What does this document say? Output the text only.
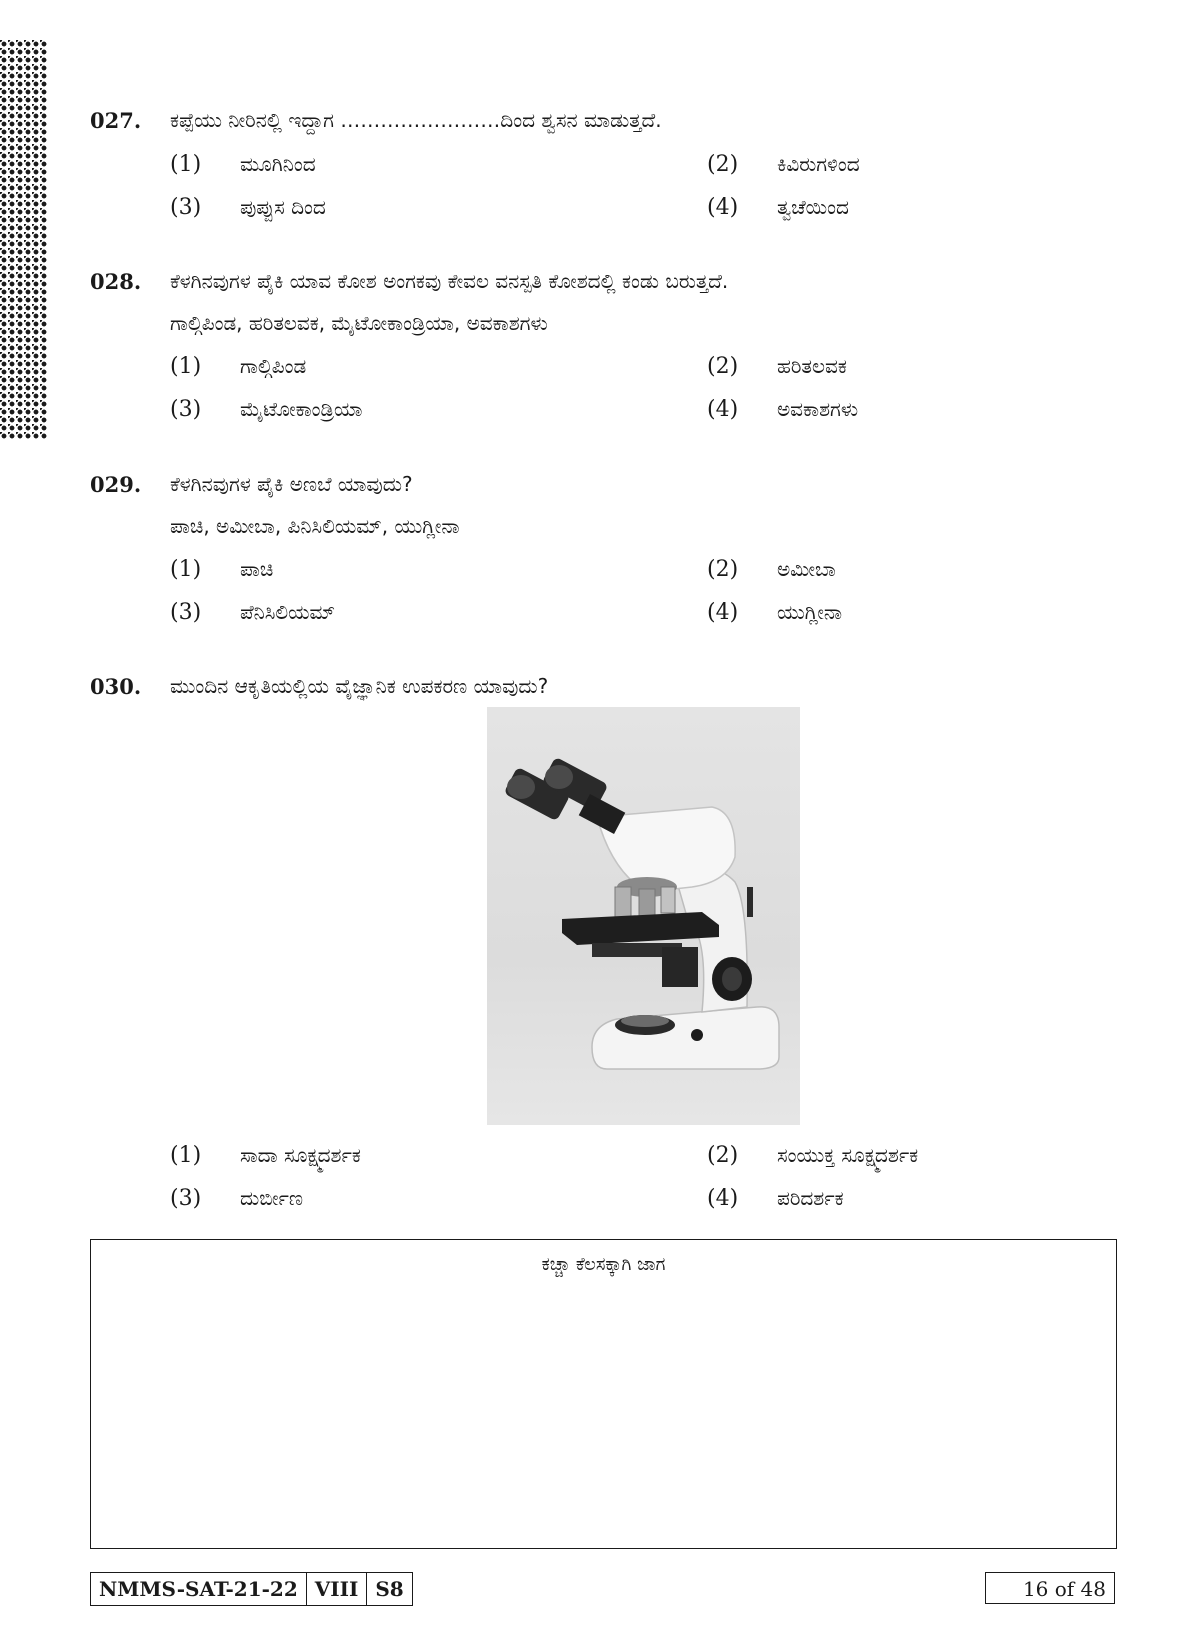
027. ಕಪ್ಪೆಯು ನೀರಿನಲ್ಲಿ ಇದ್ದಾಗ ……………………ದಿಂದ ಶ್ವಸನ ಮಾಡುತ್ತದೆ.
(1) ಮೂಗಿನಿಂದ	(2) ಕಿವಿರುಗಳಿಂದ
(3) ಪುಪ್ಪುಸ ದಿಂದ	(4) ತ್ವಚೆಯಿಂದ
028. ಕೆಳಗಿನವುಗಳ ಪೈಕಿ ಯಾವ ಕೋಶ ಅಂಗಕವು ಕೇವಲ ವನಸ್ಪತಿ ಕೋಶದಲ್ಲಿ ಕಂಡು ಬರುತ್ತದೆ.
ಗಾಲ್ಗಿಪಿಂಡ, ಹರಿತಲವಕ, ಮೈಟೋಕಾಂಡ್ರಿಯಾ, ಅವಕಾಶಗಳು
(1) ಗಾಲ್ಗಿಪಿಂಡ	(2) ಹರಿತಲವಕ
(3) ಮೈಟೋಕಾಂಡ್ರಿಯಾ	(4) ಅವಕಾಶಗಳು
029. ಕೆಳಗಿನವುಗಳ ಪೈಕಿ ಅಣಬೆ ಯಾವುದು?
ಪಾಚಿ, ಅಮೀಬಾ, ಪಿನಿಸಿಲಿಯಮ್, ಯುಗ್ಲೀನಾ
(1) ಪಾಚಿ	(2) ಅಮೀಬಾ
(3) ಪೆನಿಸಿಲಿಯಮ್	(4) ಯುಗ್ಲೀನಾ
030. ಮುಂದಿನ ಆಕೃತಿಯಲ್ಲಿಯ ವೈಜ್ಞಾನಿಕ ಉಪಕರಣ ಯಾವುದು?
(1) ಸಾದಾ ಸೂಕ್ಷ್ಮದರ್ಶಕ	(2) ಸಂಯುಕ್ತ ಸೂಕ್ಷ್ಮದರ್ಶಕ
(3) ದುರ್ಬೀಣ	(4) ಪರಿದರ್ಶಕ
ಕಚ್ಚಾ ಕೆಲಸಕ್ಕಾಗಿ ಜಾಗ
NMMS-SAT-21-22 VIII S8	16 of 48
